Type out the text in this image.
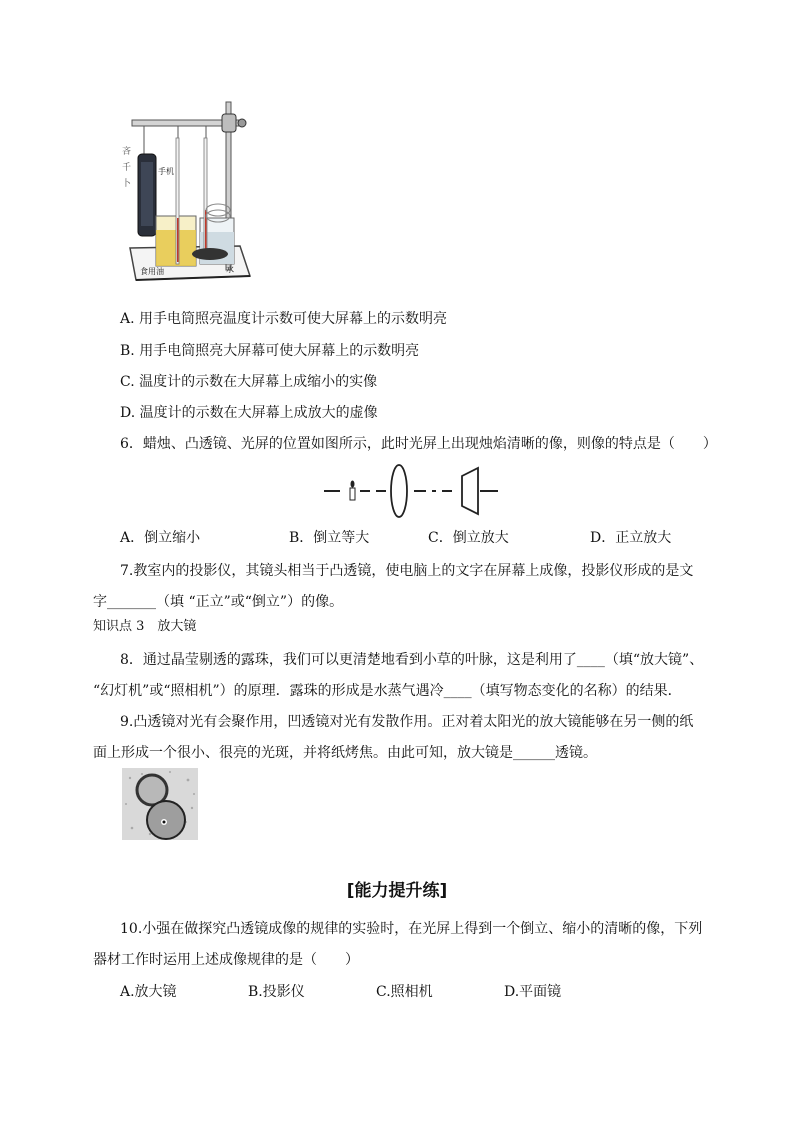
吝
千
卜
手机
食用油	水
A. 用手电筒照亮温度计示数可使大屏幕上的示数明亮
B. 用手电筒照亮大屏幕可使大屏幕上的示数明亮
C. 温度计的示数在大屏幕上成缩小的实像
D. 温度计的示数在大屏幕上成放大的虚像
6．蜡烛、凸透镜、光屏的位置如图所示，此时光屏上出现烛焰清晰的像，则像的特点是（　　）
A．倒立缩小	B．倒立等大	C．倒立放大	D．正立放大
7.教室内的投影仪，其镜头相当于凸透镜，使电脑上的文字在屏幕上成像，投影仪形成的是文
字_______（填 “正立”或“倒立”）的像。
知识点 3　放大镜
8．通过晶莹剔透的露珠，我们可以更清楚地看到小草的叶脉，这是利用了____（填“放大镜”、
“幻灯机”或“照相机”）的原理．露珠的形成是水蒸气遇冷____（填写物态变化的名称）的结果．
9.凸透镜对光有会聚作用，凹透镜对光有发散作用。正对着太阳光的放大镜能够在另一侧的纸
面上形成一个很小、很亮的光斑，并将纸烤焦。由此可知，放大镜是______透镜。
[能力提升练]
10.小强在做探究凸透镜成像的规律的实验时，在光屏上得到一个倒立、缩小的清晰的像，下列
器材工作时运用上述成像规律的是（　　）
A.放大镜	B.投影仪	C.照相机	D.平面镜
